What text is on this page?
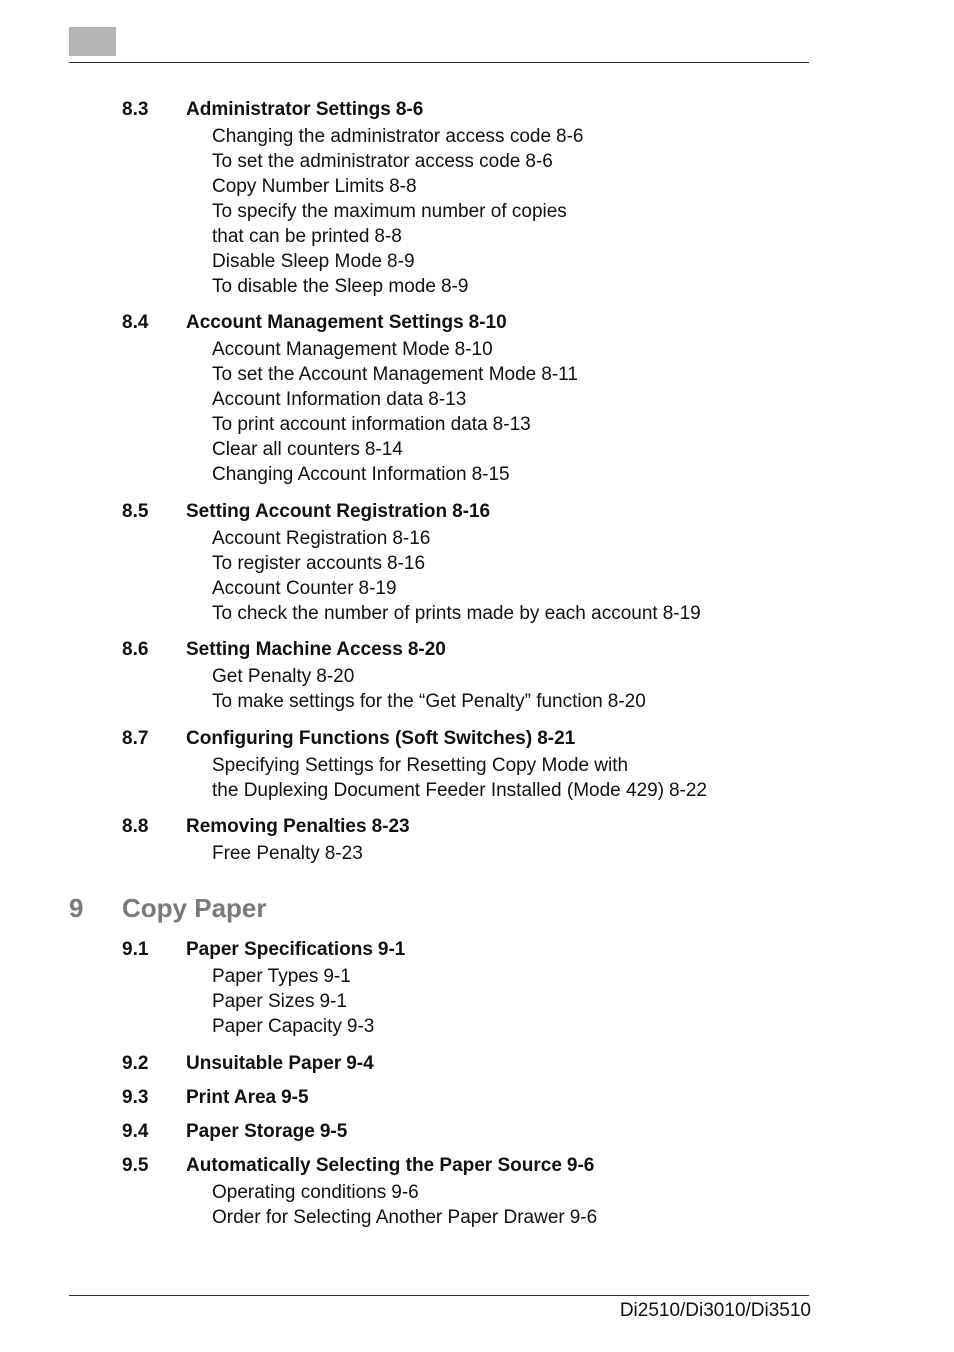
8.3 Administrator Settings 8-6
Changing the administrator access code 8-6
To set the administrator access code 8-6
Copy Number Limits 8-8
To specify the maximum number of copies
that can be printed 8-8
Disable Sleep Mode 8-9
To disable the Sleep mode 8-9
8.4 Account Management Settings 8-10
Account Management Mode 8-10
To set the Account Management Mode 8-11
Account Information data 8-13
To print account information data 8-13
Clear all counters 8-14
Changing Account Information 8-15
8.5 Setting Account Registration 8-16
Account Registration 8-16
To register accounts 8-16
Account Counter 8-19
To check the number of prints made by each account 8-19
8.6 Setting Machine Access 8-20
Get Penalty 8-20
To make settings for the “Get Penalty” function 8-20
8.7 Configuring Functions (Soft Switches) 8-21
Specifying Settings for Resetting Copy Mode with
the Duplexing Document Feeder Installed (Mode 429) 8-22
8.8 Removing Penalties 8-23
Free Penalty 8-23
9.1 Paper Specifications 9-1
Paper Types 9-1
Paper Sizes 9-1
Paper Capacity 9-3
9.2 Unsuitable Paper 9-4
9.3 Print Area 9-5
9.4 Paper Storage 9-5
9.5 Automatically Selecting the Paper Source 9-6
Operating conditions 9-6
Order for Selecting Another Paper Drawer 9-6
9 Copy Paper
Di2510/Di3010/Di3510
